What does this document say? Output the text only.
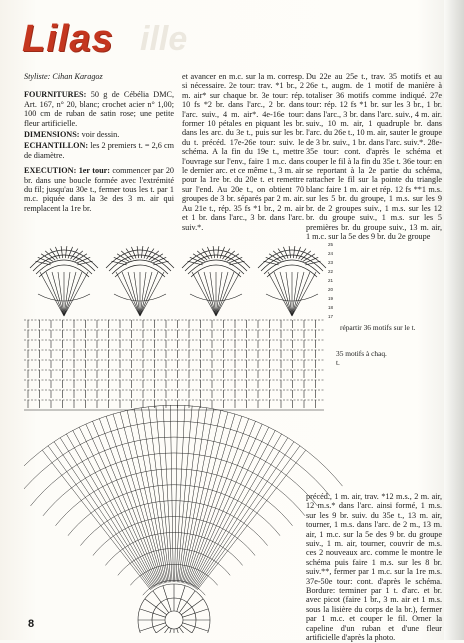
ille
Lilas
Styliste: Cihan Karagoz

FOURNITURES: 50 g de Cébélia DMC, Art. 167, n° 20, blanc; crochet acier n° 1,00; 100 cm de ruban de satin rose; une petite fleur artificielle.

DIMENSIONS: voir dessin.

ECHANTILLON: les 2 premiers t. = 2,6 cm de diamètre.

EXECUTION: 1er tour: commencer par 20 br. dans une boucle formée avec l'extrémité du fil; jusqu'au 30e t., fermer tous les t. par 1 m.c. piquée dans la 3e des 3 m. air qui remplacent la 1re br.

et avancer en m.c. sur la m. corresp. si nécessaire. 2e tour: trav. *1 br., 2 m. air* sur chaque br. 3e tour: rép. 10 fs *2 br. dans l'arc., 2 br. dans l'arc. suiv., 4 m. air*. 4e-16e tour: former 10 pétales en piquant les br. dans les arc. du 3e t., puis sur les br. du t. précéd. 17e-26e tour: suiv. le schéma. A la fin du 19e t., mettre l'ouvrage sur l'env., faire 1 m.c. dans le dernier arc. et ce même t., 3 m. air pour la 1re br. du 20e t. et remettre sur l'end. Au 20e t., on obtient 70 groupes de 3 br. séparés par 2 m. air. Au 21e t., rép. 35 fs *1 br., 2 m. air et 1 br. dans l'arc., 3 br. dans l'arc. suiv.*.
Du 22e au 25e t., trav. 35 motifs et au 26e t., augm. de 1 motif de manière à totaliser 36 motifs comme indiqué. 27e tour: rép. 12 fs *1 br. sur les 3 br., 1 br. dans l'arc., 3 br. dans l'arc. suiv., 4 m. air. suiv., 10 m. air, 1 quadruple br. dans l'arc. du 26e t., 10 m. air, sauter le groupe de 3 br. suiv., 1 br. dans l'arc. suiv.*. 28e-35e tour: cont. d'après le schéma et couper le fil à la fin du 35e t. 36e tour: en se reportant à la 2e partie du schéma, rattacher le fil sur la pointe du triangle blanc faire 1 m. air et rép. 12 fs **1 m.s. sur les 5 br. du groupe, 1 m.s. sur les 9 br. de 2 groupes suiv., 1 m.s. sur les 12 br. du groupe suiv., 1 m.s. sur les 5 premières br. du groupe suiv., 13 m. air, 1 m.c. sur la 5e des 9 br. du 2e groupe
précéd., 1 m. air, trav. *12 m.s., 2 m. air, 12 m.s.* dans l'arc. ainsi formé, 1 m.s. sur les 9 br. suiv. du 35e t., 13 m. air, tourner, 1 m.s. dans l'arc. de 2 m., 13 m. air, 1 m.c. sur la 5e des 9 br. du groupe suiv., 1 m. air, tourner, couvrir de m.s. ces 2 nouveaux arc. comme le montre le schéma puis faire 1 m.s. sur les 8 br. suiv.**, fermer par 1 m.c. sur la 1re m.s. 37e-50e tour: cont. d'après le schéma. Bordure: terminer par 1 t. d'arc. et br. avec picot (faire 1 br., 3 m. air et 1 m.s. sous la lisière du corps de la br.), fermer par 1 m.c. et couper le fil. Orner la capeline d'un ruban et d'une fleur artificielle d'après la photo.
25
24
23
22
21
20
19
18
17
répartir 36 motifs sur le t.
35 motifs à chaq. t.
8
